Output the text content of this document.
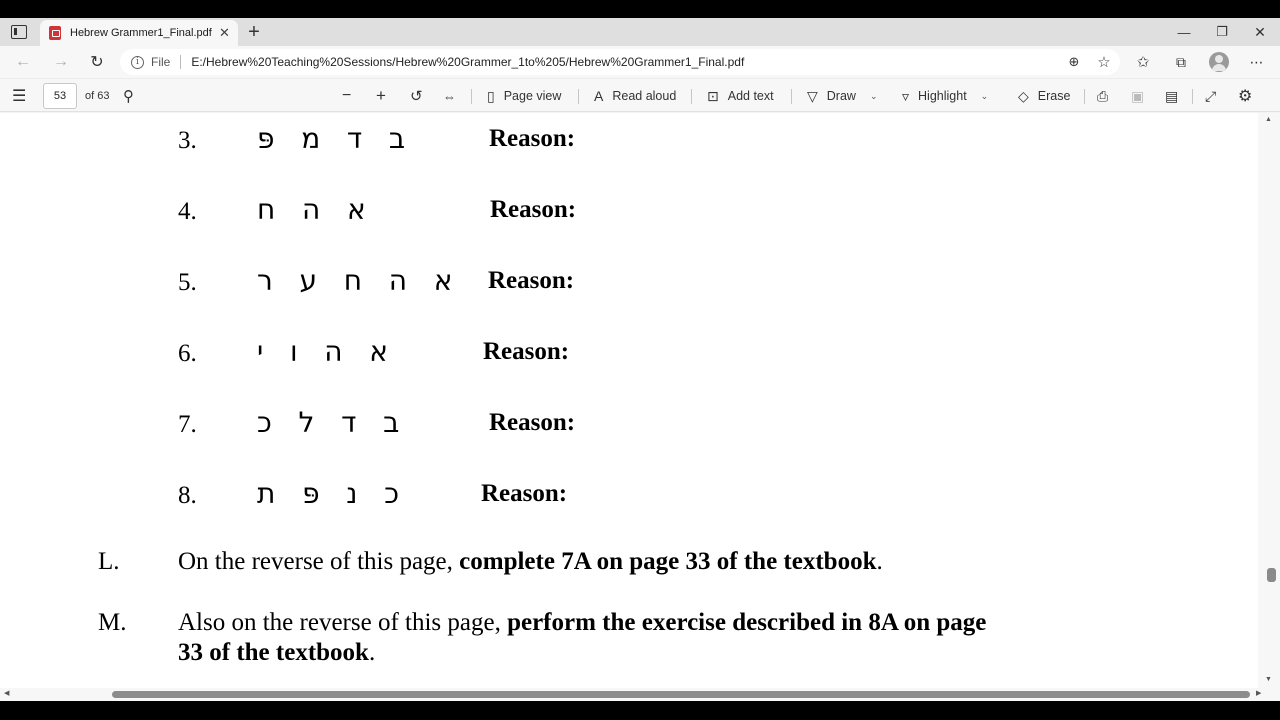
Hebrew Grammer1_Final.pdf ✕ +	— ❐ ✕
← → ↻	i	File E:/Hebrew%20Teaching%20Sessions/Hebrew%20Grammer_1to%205/Hebrew%20Grammer1_Final.pdf	⊕ ☆ ✩ ⧉	⋯
☰	53	of 63 ⚲	− + ↺ ⇔ ▯ Page view A Read aloud ⊡ Add text ▽ Draw ⌄ ▿ Highlight ⌄ ◇ Erase ⎙ ▣ ▤ ⤢ ⚙
3. פּ   מ   ד   ב	Reason:
4. ח   ה   א	Reason:
5. ר   ע   ח   ה   א Reason:
6. י   ו   ה   א	Reason:
7. כ   ל   ד   ב	Reason:
8. ת   פּ   נ   כ	Reason:
L. On the reverse of this page, complete 7A on page 33 of the textbook.
M. Also on the reverse of this page, perform the exercise described in 8A on page
33 of the textbook.
▲
▼
◀	▶
